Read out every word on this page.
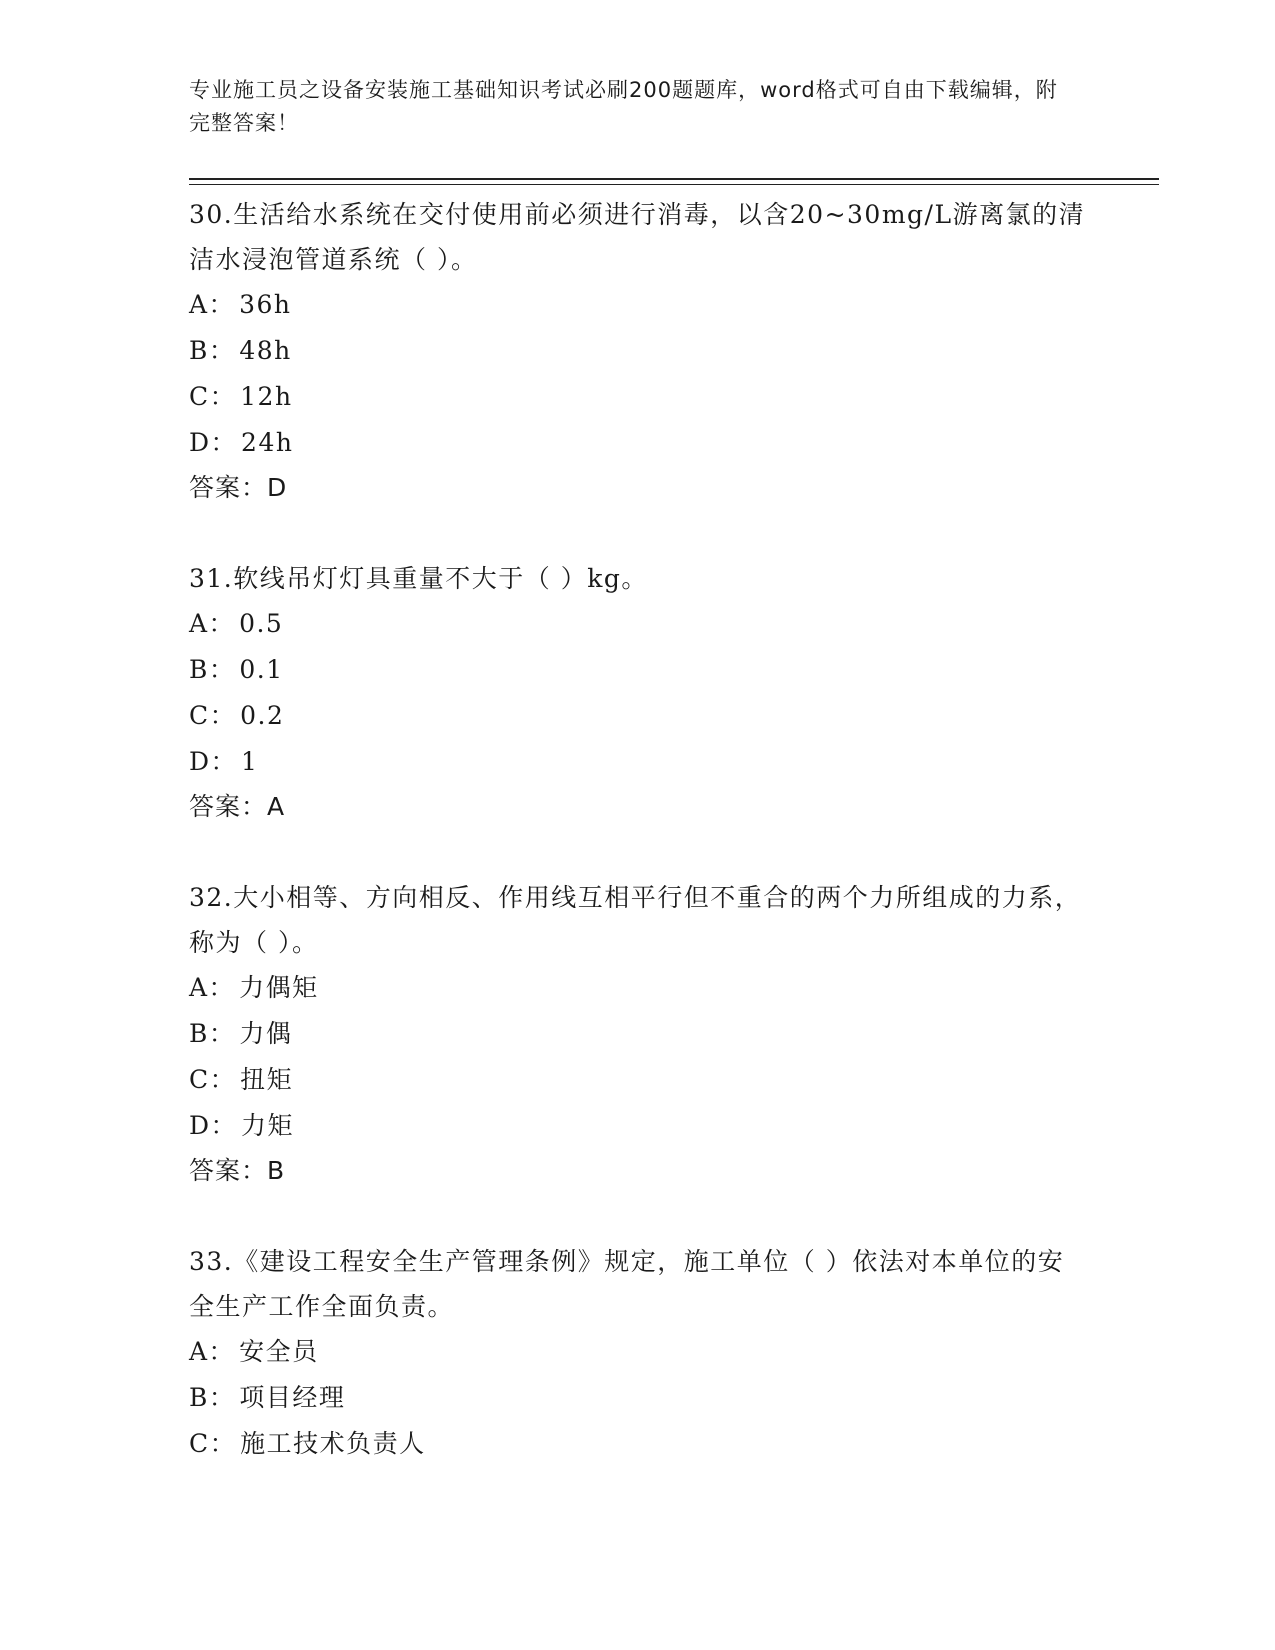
专业施工员之设备安装施工基础知识考试必刷200题题库，word格式可自由下载编辑，附完整答案！
30.生活给水系统在交付使用前必须进行消毒，以含20~30mg/L游离氯的清洁水浸泡管道系统（ ）。
A： 36h
B： 48h
C： 12h
D： 24h
答案：D
31.软线吊灯灯具重量不大于（ ）kg。
A： 0.5
B： 0.1
C： 0.2
D： 1
答案：A
32.大小相等、方向相反、作用线互相平行但不重合的两个力所组成的力系，称为（ ）。
A： 力偶矩
B： 力偶
C： 扭矩
D： 力矩
答案：B
33.《建设工程安全生产管理条例》规定，施工单位（ ）依法对本单位的安全生产工作全面负责。
A： 安全员
B： 项目经理
C： 施工技术负责人
